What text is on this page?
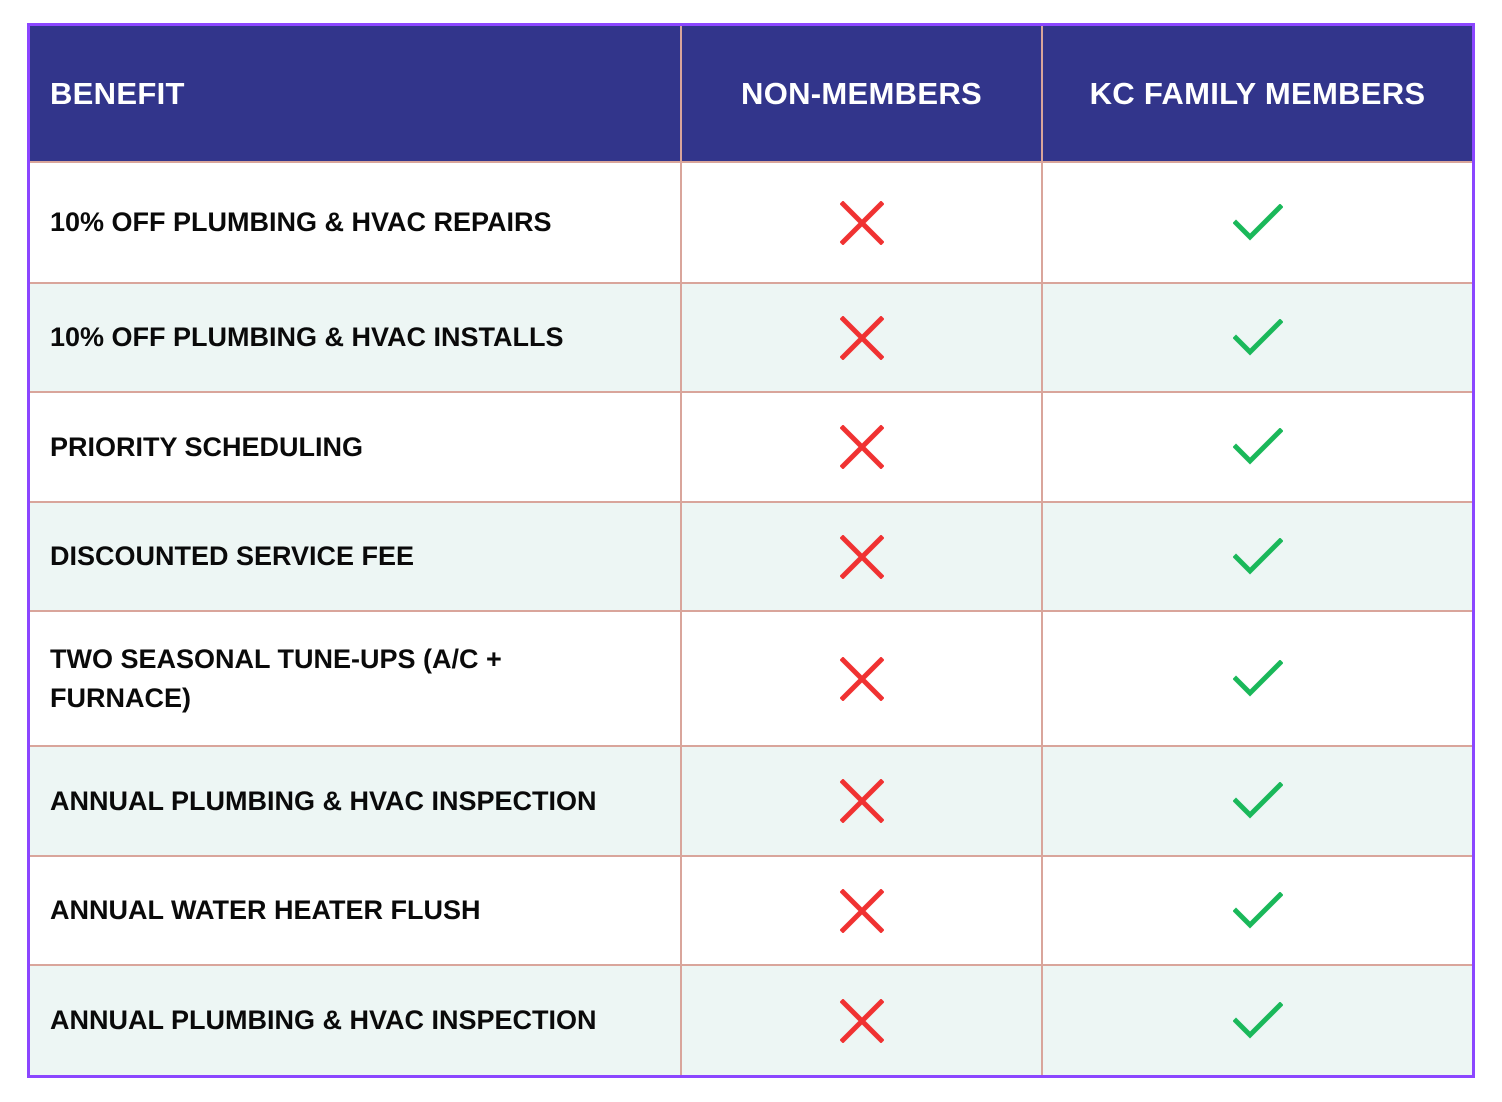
BENEFIT	NON-MEMBERS	KC FAMILY MEMBERS
10% OFF PLUMBING & HVAC REPAIRS
10% OFF PLUMBING & HVAC INSTALLS
PRIORITY SCHEDULING
DISCOUNTED SERVICE FEE
TWO SEASONAL TUNE-UPS (A/C + FURNACE)
ANNUAL PLUMBING & HVAC INSPECTION
ANNUAL WATER HEATER FLUSH
ANNUAL PLUMBING & HVAC INSPECTION
